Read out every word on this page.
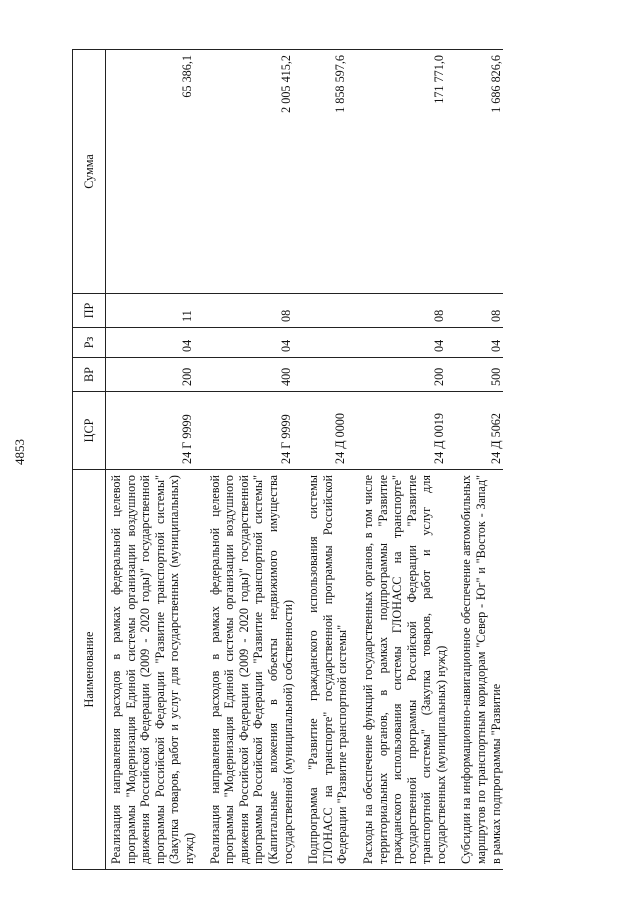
4853
Наименование	ЦСР	ВР	Рз	ПР	Сумма
Реализация направления расходов в рамках федеральной целевой программы "Модернизация Единой системы организации воздушного движения Российской Федерации (2009 - 2020 годы)" государственной программы Российской Федерации "Развитие транспортной системы" (Закупка товаров, работ и услуг для государственных (муниципальных) нужд)	24 Г 9999	200	04	11	65 386,1
Реализация направления расходов в рамках федеральной целевой программы "Модернизация Единой системы организации воздушного движения Российской Федерации (2009 - 2020 годы)" государственной программы Российской Федерации "Развитие транспортной системы" (Капитальные вложения в объекты недвижимого имущества государственной (муниципальной) собственности)	24 Г 9999	400	04	08	2 005 415,2
Подпрограмма "Развитие гражданского использования системы ГЛОНАСС на транспорте" государственной программы Российской Федерации "Развитие транспортной системы"	24 Д 0000				1 858 597,6
Расходы на обеспечение функций государственных органов, в том числе территориальных органов, в рамках подпрограммы "Развитие гражданского использования системы ГЛОНАСС на транспорте" государственной программы Российской Федерации "Развитие транспортной системы" (Закупка товаров, работ и услуг для государственных (муниципальных) нужд)	24 Д 0019	200	04	08	171 771,0
Субсидии на информационно-навигационное обеспечение автомобильных маршрутов по транспортным коридорам "Север - Юг" и "Восток - Запад" в рамках подпрограммы "Развитие	24 Д 5062	500	04	08	1 686 826,6
